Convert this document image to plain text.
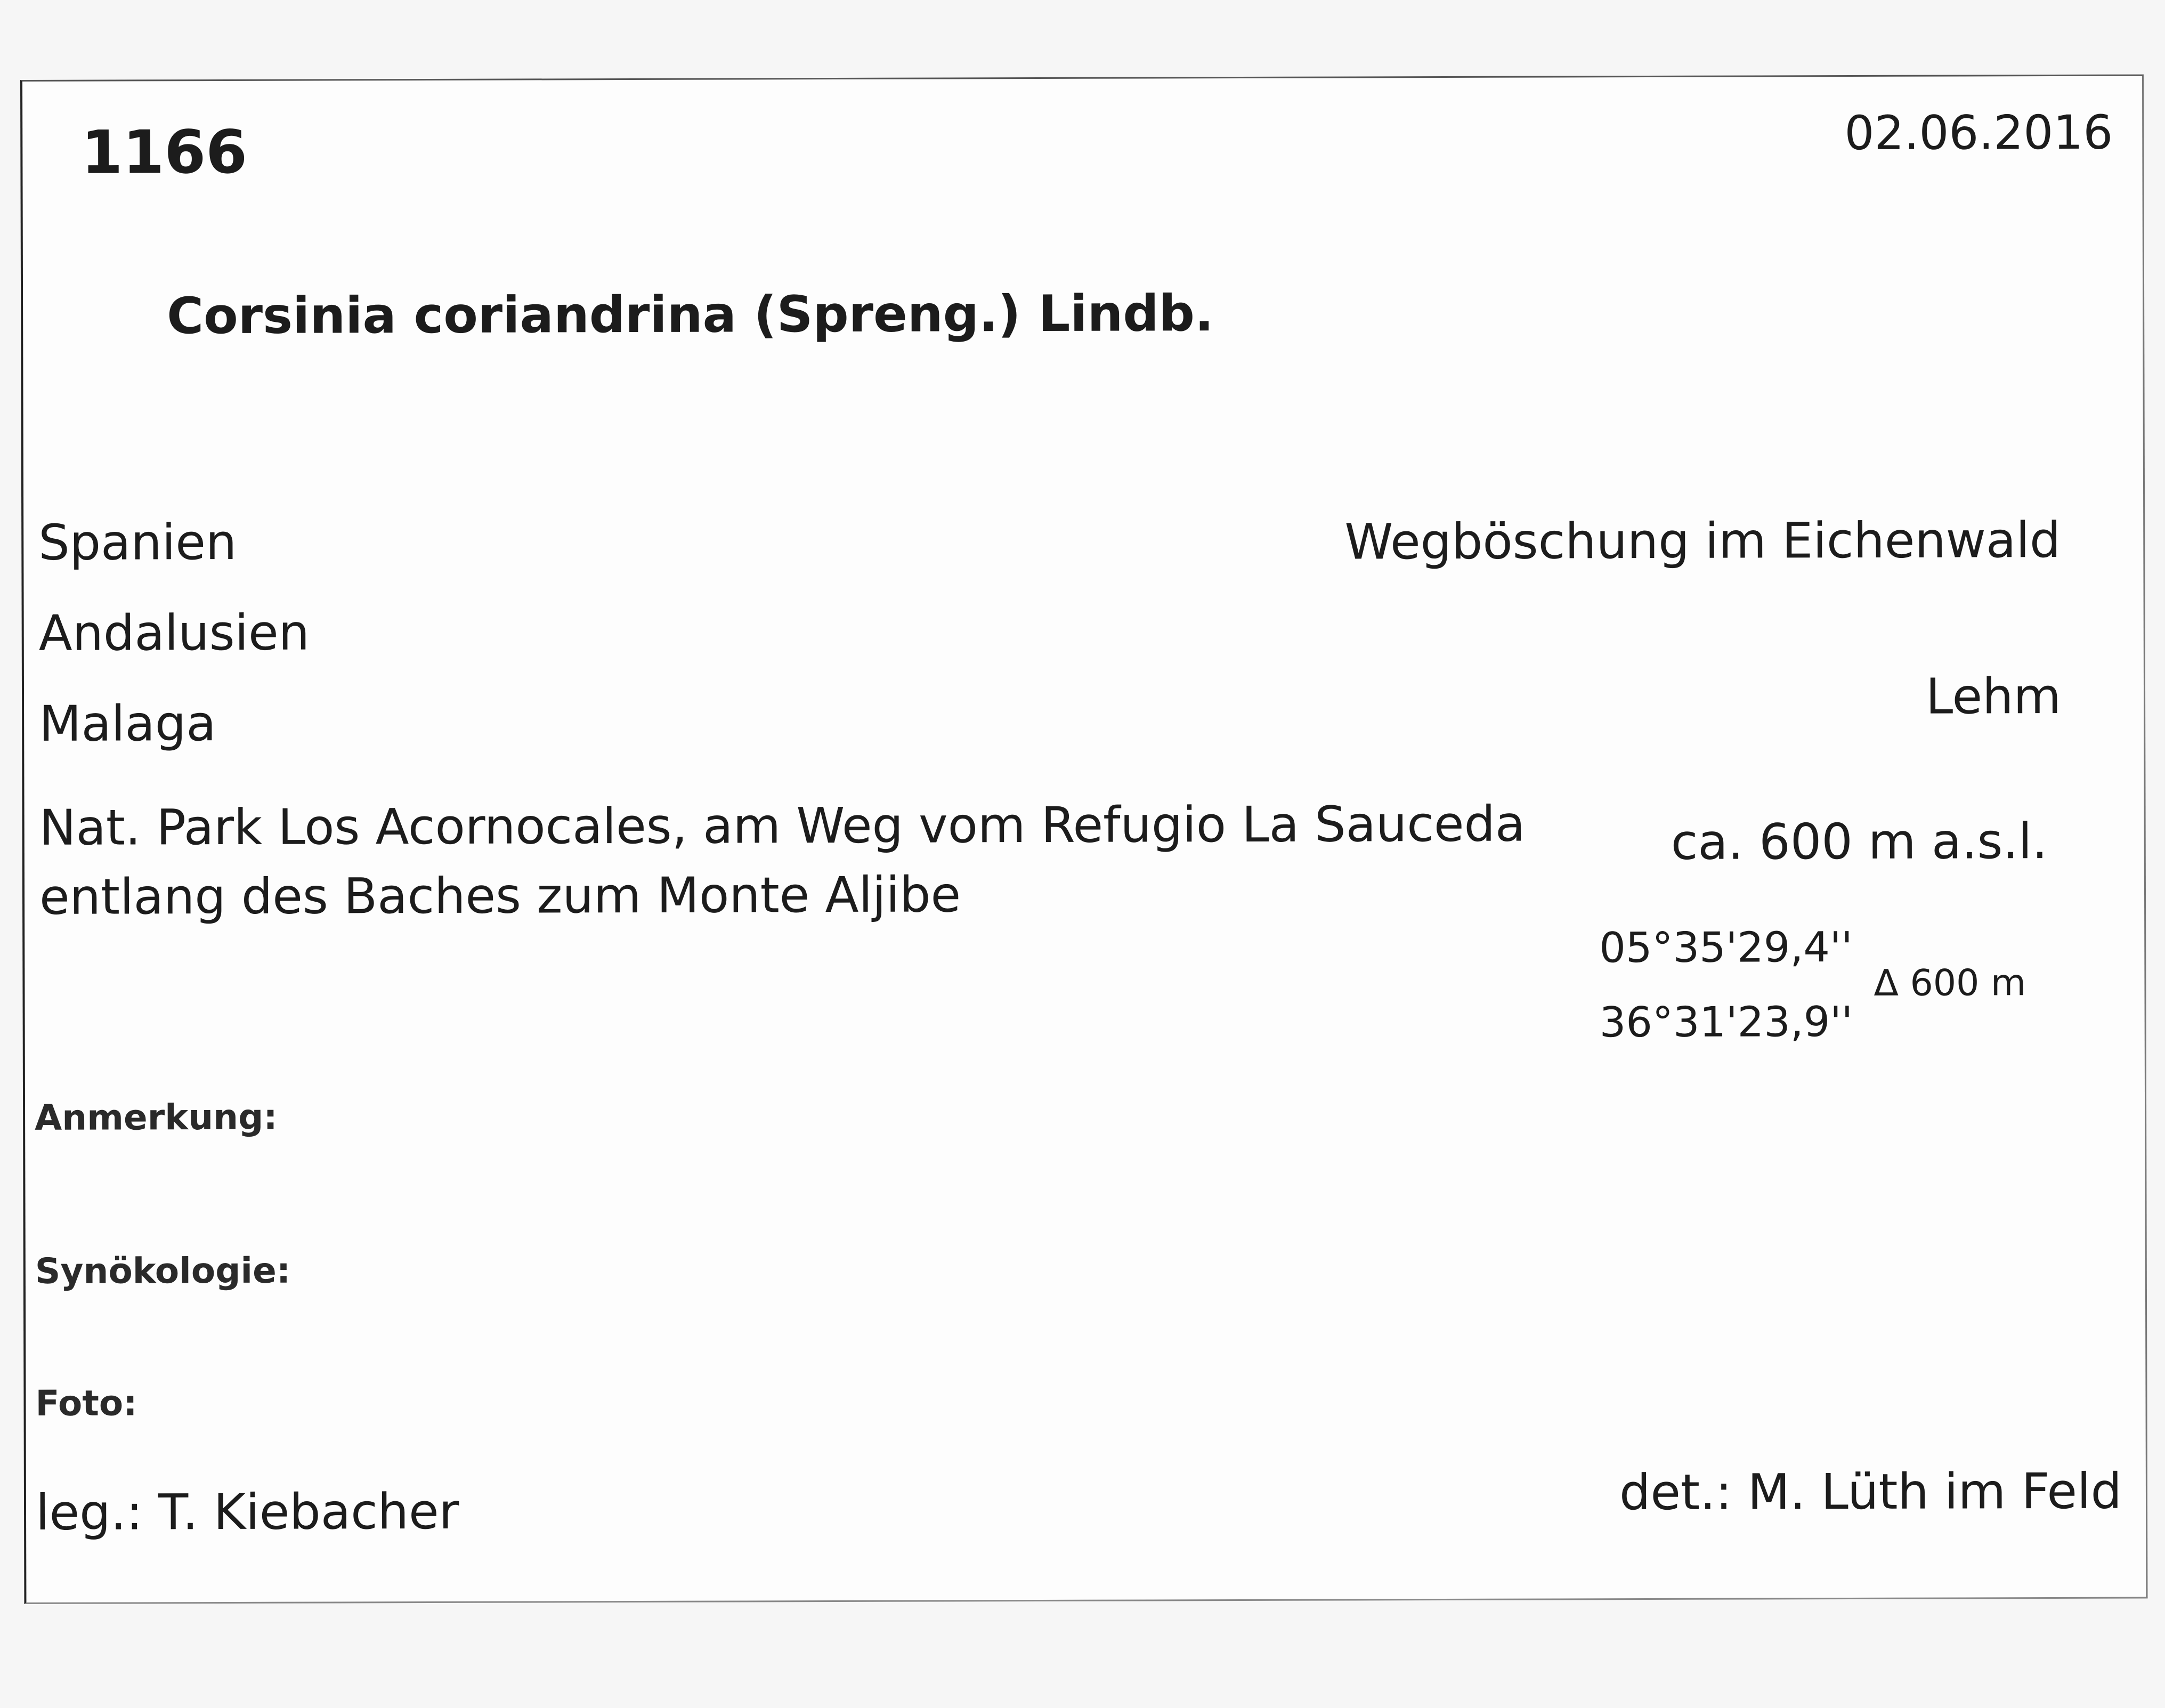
1166	02.06.2016
Corsinia coriandrina (Spreng.) Lindb.
Spanien
Andalusien
Malaga
Nat. Park Los Acornocales, am Weg vom Refugio La Sauceda
entlang des Baches zum Monte Aljibe
Wegböschung im Eichenwald
Lehm
ca. 600 m a.s.l.
05°35'29,4''
36°31'23,9''
Δ 600 m
Anmerkung:
Synökologie:
Foto:
leg.: T. Kiebacher	det.: M. Lüth im Feld
